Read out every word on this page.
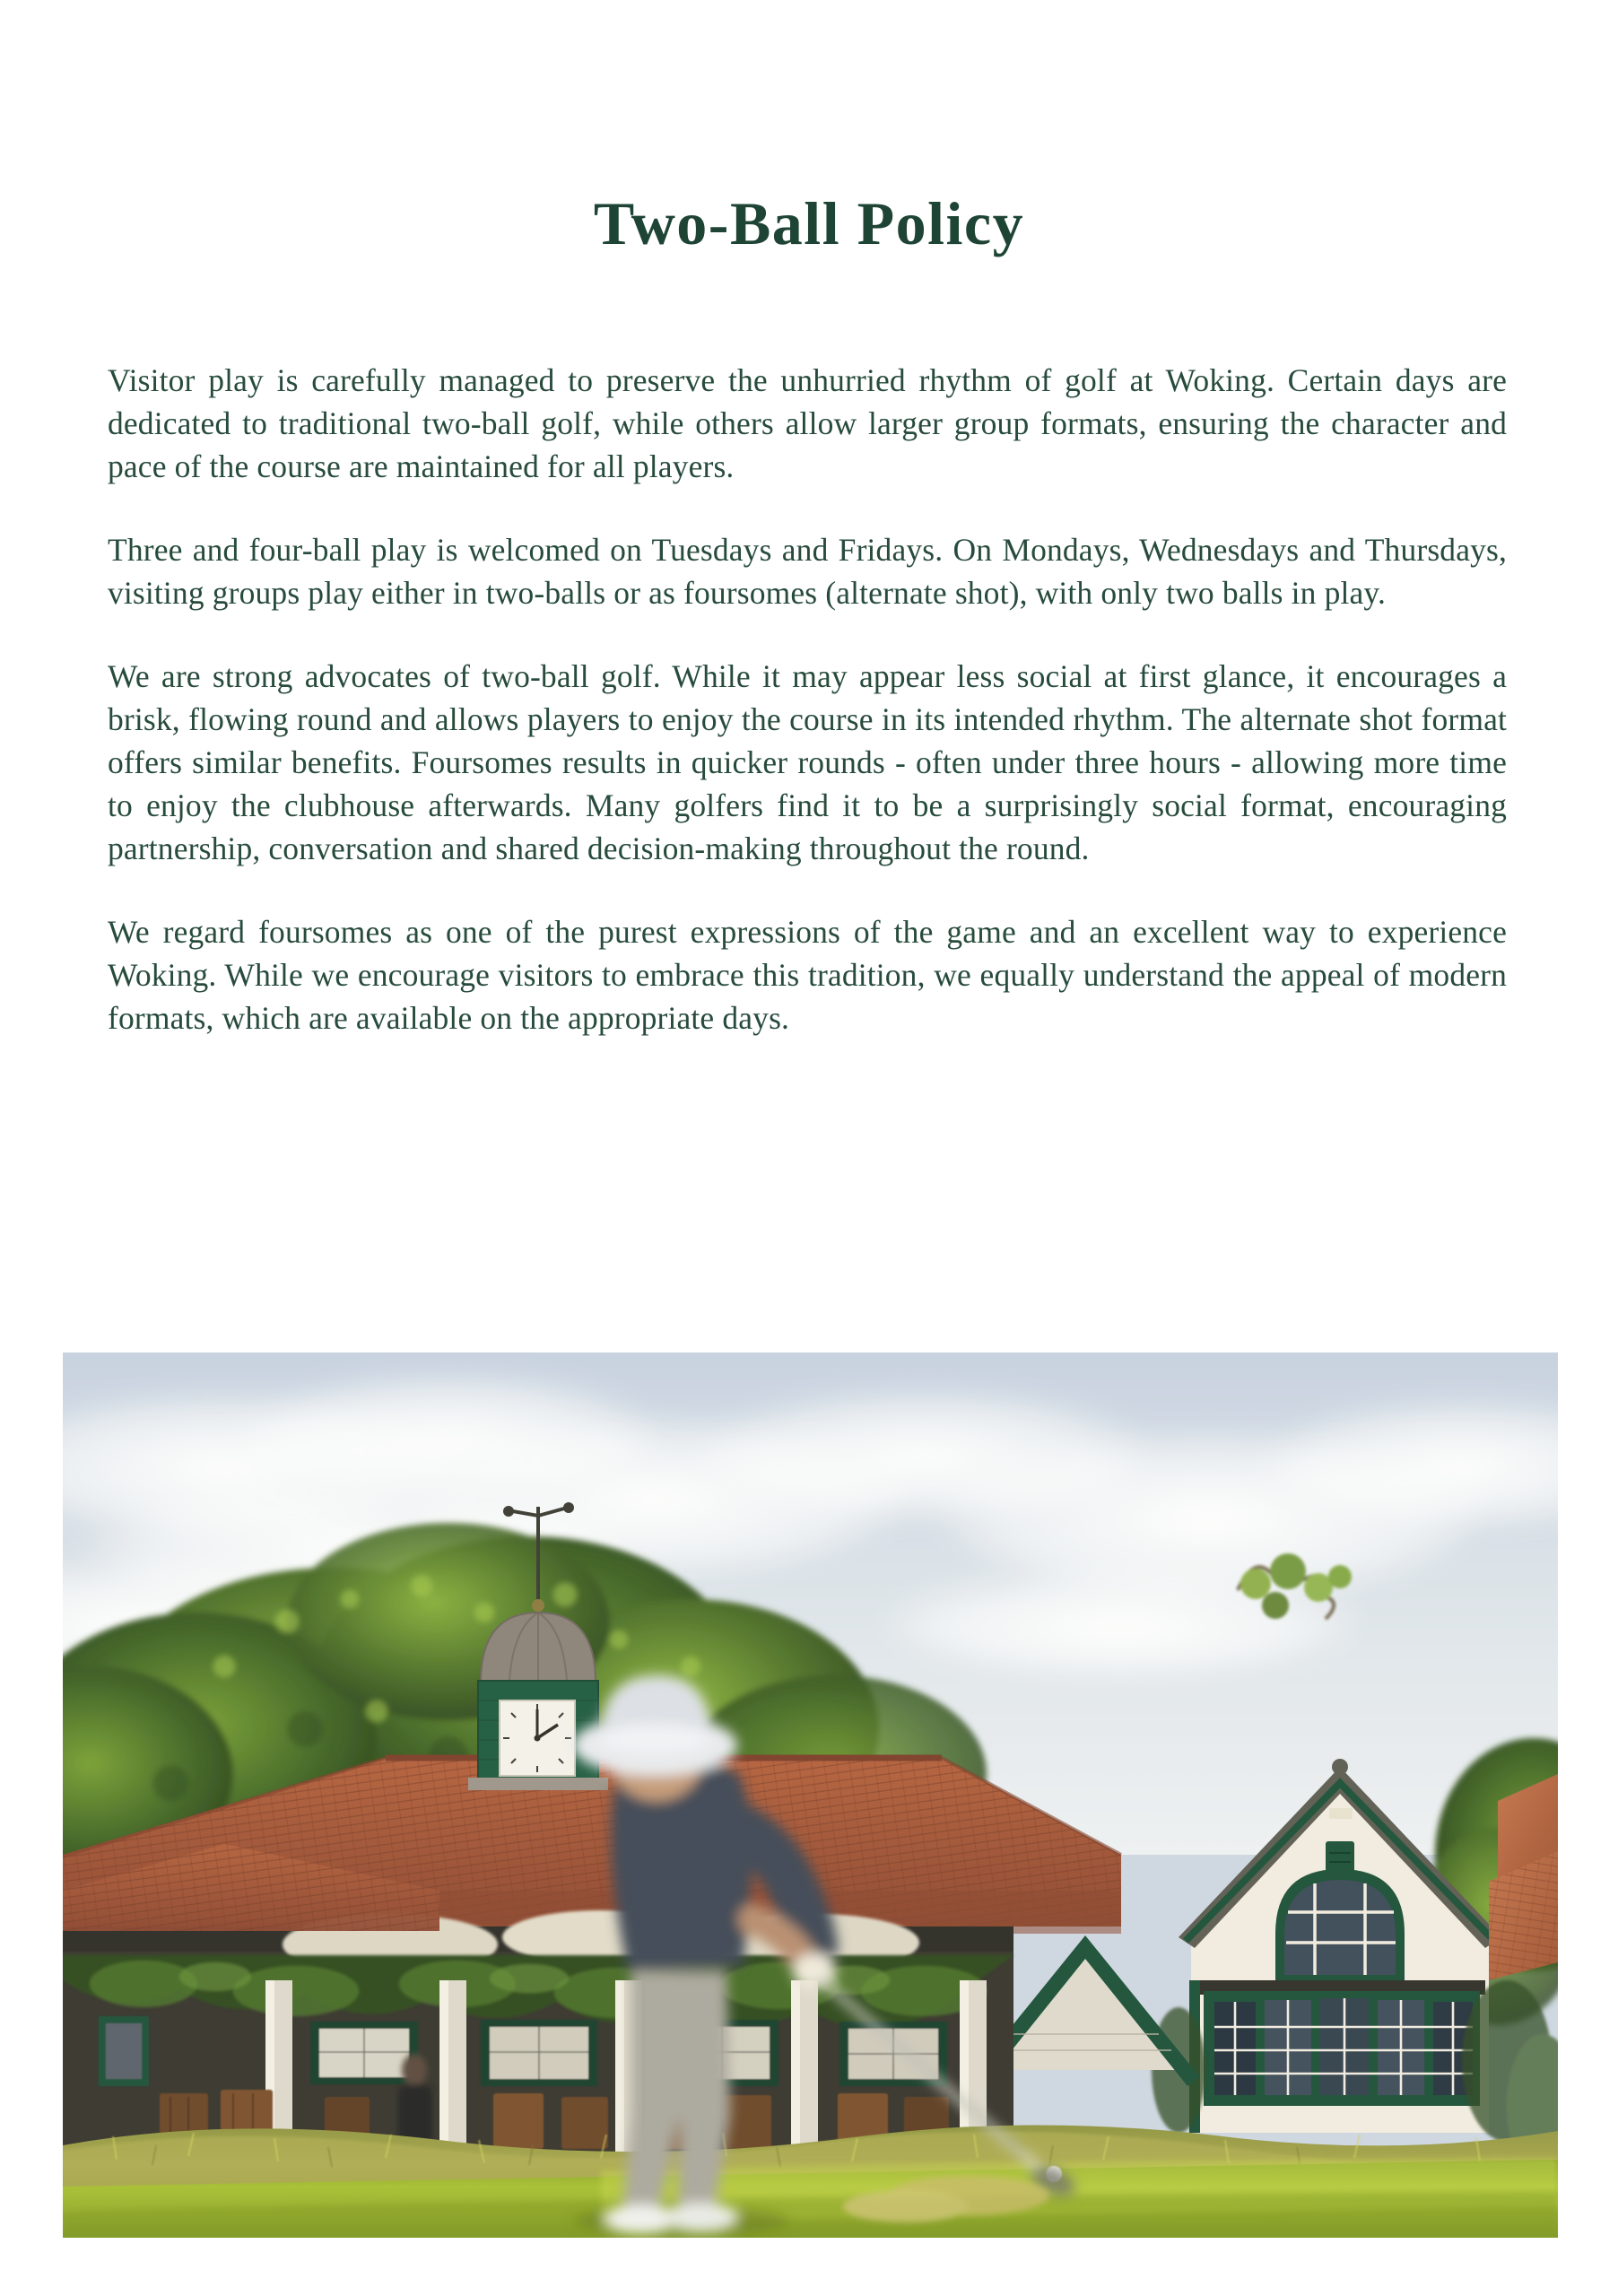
Two-Ball Policy

Visitor play is carefully managed to preserve the unhurried rhythm of golf at Woking. Certain days are dedicated to traditional two-ball golf, while others allow larger group formats, ensuring the character and pace of the course are maintained for all players.

Three and four-ball play is welcomed on Tuesdays and Fridays. On Mondays, Wednesdays and Thursdays, visiting groups play either in two-balls or as foursomes (alternate shot), with only two balls in play.

We are strong advocates of two-ball golf. While it may appear less social at first glance, it encourages a brisk, flowing round and allows players to enjoy the course in its intended rhythm. The alternate shot format offers similar benefits. Foursomes results in quicker rounds - often under three hours - allowing more time to enjoy the clubhouse afterwards. Many golfers find it to be a surprisingly social format, encouraging partnership, conversation and shared decision-making throughout the round.

We regard foursomes as one of the purest expressions of the game and an excellent way to experience Woking. While we encourage visitors to embrace this tradition, we equally understand the appeal of modern formats, which are available on the appropriate days.
